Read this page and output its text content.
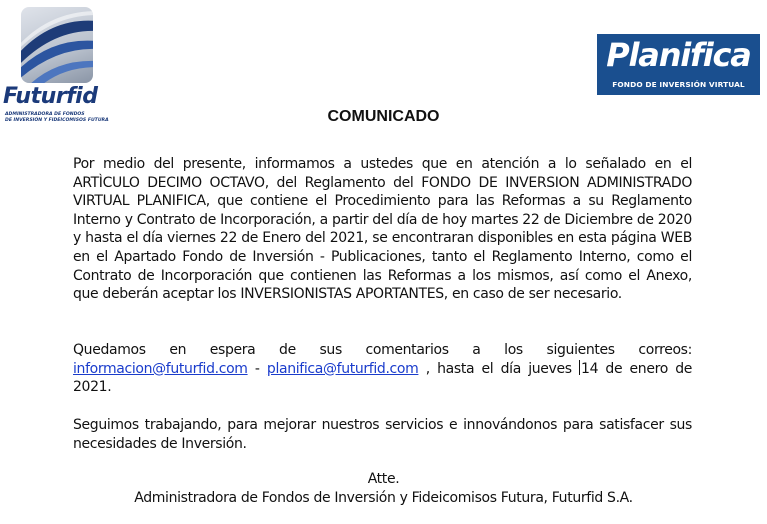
Futurfid
ADMINISTRADORA DE FONDOS
DE INVERSIÓN Y FIDEICOMISOS FUTURA
Planifica
FONDO DE INVERSIÓN VIRTUAL
COMUNICADO

Por medio del presente, informamos a ustedes que en atención a lo señalado en el ARTÌCULO DECIMO OCTAVO, del Reglamento del FONDO DE INVERSION ADMINISTRADO VIRTUAL PLANIFICA, que contiene el Procedimiento para las Reformas a su Reglamento Interno y Contrato de Incorporación, a partir del día de hoy martes 22 de Diciembre de 2020 y hasta el día viernes 22 de Enero del 2021, se encontraran disponibles en esta página WEB en el Apartado Fondo de Inversión - Publicaciones, tanto el Reglamento Interno, como el Contrato de Incorporación que contienen las Reformas a los mismos, así como el Anexo, que deberán aceptar los INVERSIONISTAS APORTANTES, en caso de ser necesario.

Quedamos en espera de sus comentarios a los siguientes correos: informacion@futurfid.com - planifica@futurfid.com , hasta el día jueves 14 de enero de 2021.

Seguimos trabajando, para mejorar nuestros servicios e innovándonos para satisfacer sus necesidades de Inversión.

Atte.

Administradora de Fondos de Inversión y Fideicomisos Futura, Futurfid S.A.
